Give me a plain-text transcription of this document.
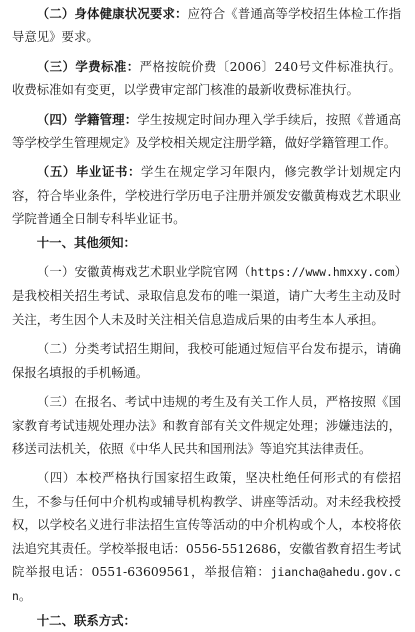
（二）身体健康状况要求：应符合《普通高等学校招生体检工作指导意见》要求。

（三）学费标准：严格按皖价费〔2006〕240号文件标准执行。收费标准如有变更，以学费审定部门核准的最新收费标准执行。

（四）学籍管理：学生按规定时间办理入学手续后，按照《普通高等学校学生管理规定》及学校相关规定注册学籍，做好学籍管理工作。

（五）毕业证书：学生在规定学习年限内，修完教学计划规定内容，符合毕业条件，学校进行学历电子注册并颁发安徽黄梅戏艺术职业学院普通全日制专科毕业证书。

十一、其他须知：

（一）安徽黄梅戏艺术职业学院官网（https://www.hmxxy.com）是我校相关招生考试、录取信息发布的唯一渠道，请广大考生主动及时关注，考生因个人未及时关注相关信息造成后果的由考生本人承担。

（二）分类考试招生期间，我校可能通过短信平台发布提示，请确保报名填报的手机畅通。

（三）在报名、考试中违规的考生及有关工作人员，严格按照《国家教育考试违规处理办法》和教育部有关文件规定处理；涉嫌违法的，移送司法机关，依照《中华人民共和国刑法》等追究其法律责任。

（四）本校严格执行国家招生政策，坚决杜绝任何形式的有偿招生，不参与任何中介机构或辅导机构教学、讲座等活动。对未经我校授权，以学校名义进行非法招生宣传等活动的中介机构或个人，本校将依法追究其责任。学校举报电话：0556-5512686，安徽省教育招生考试院举报电话：0551-63609561，举报信箱：jiancha@ahedu.gov.cn。

十二、联系方式：
